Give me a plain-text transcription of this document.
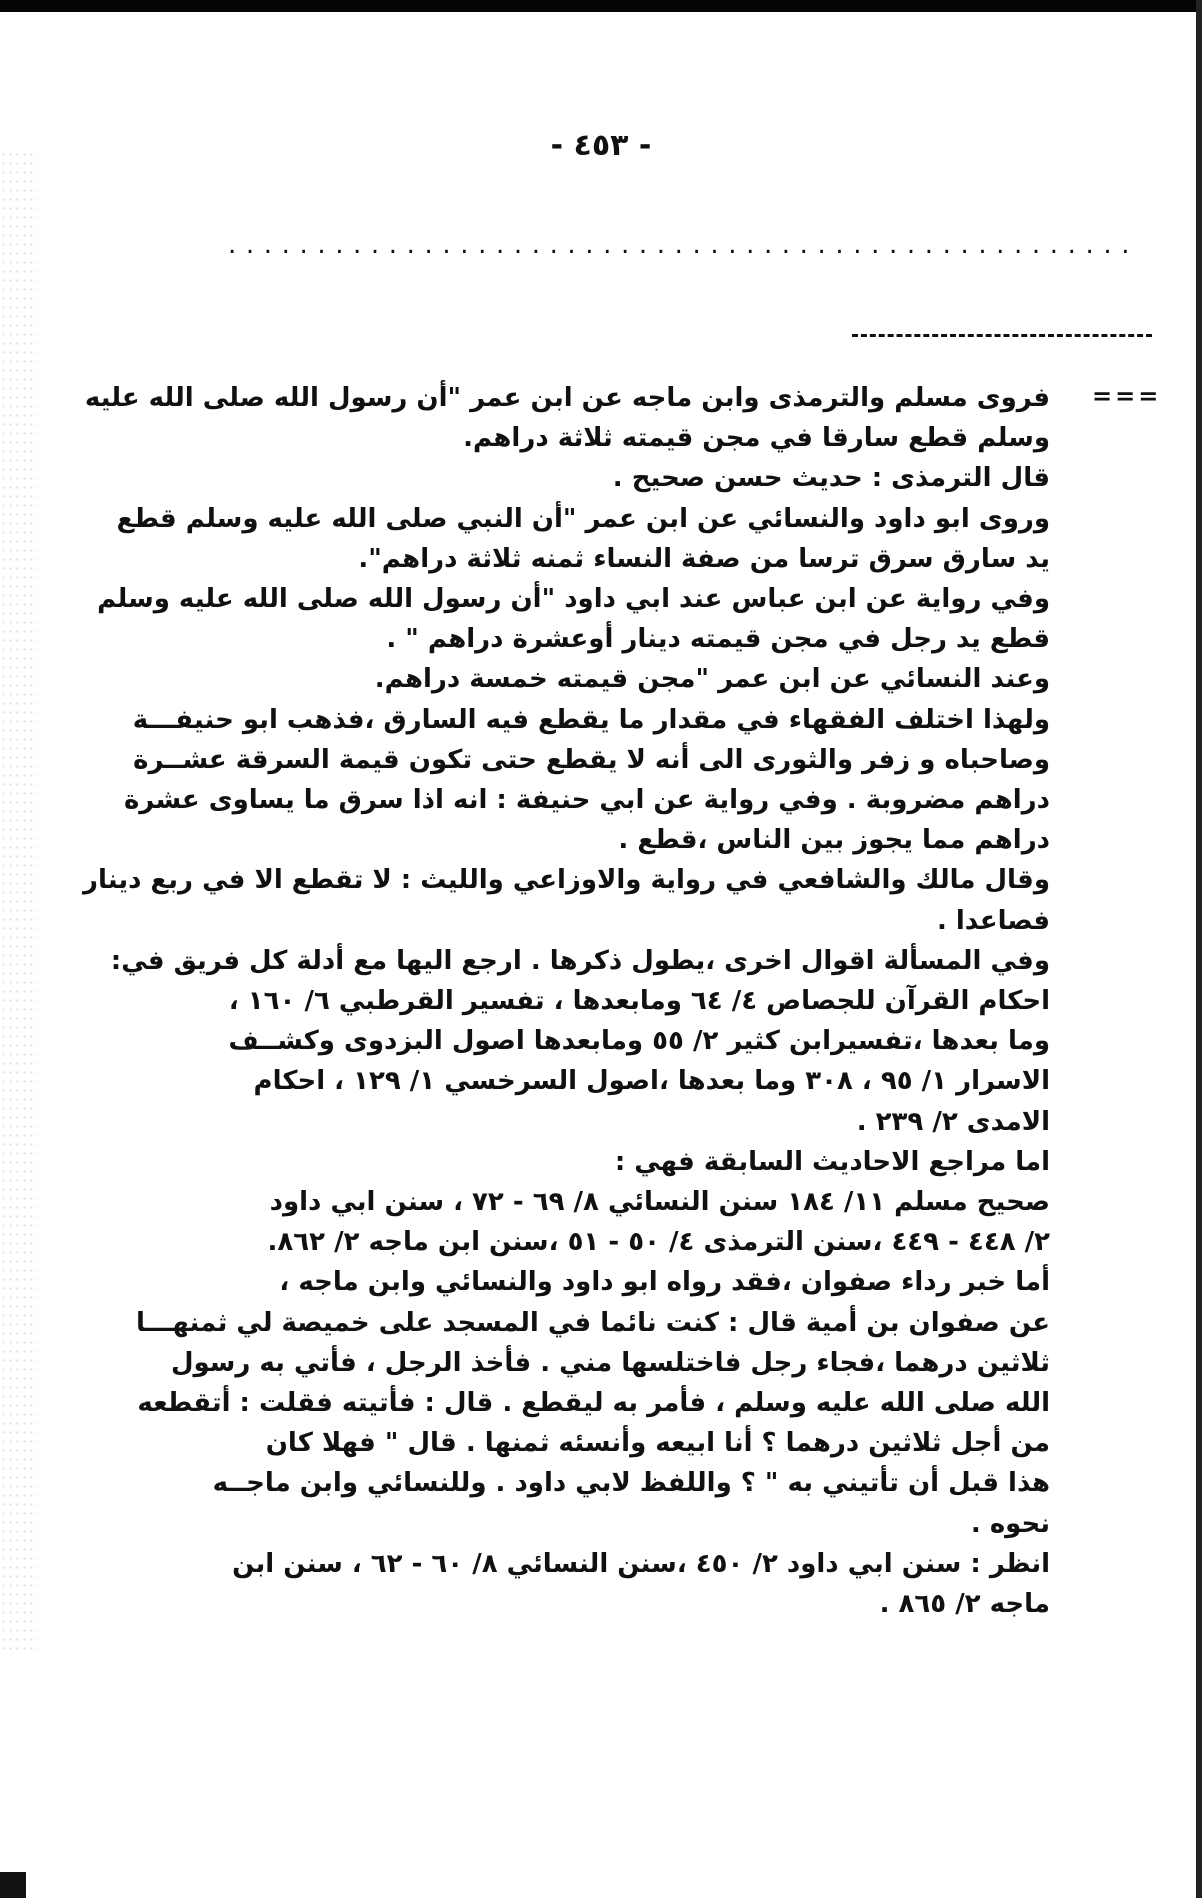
- ٤٥٣ -
...................................................
===
فروى مسلم والترمذى وابن ماجه عن ابن عمر "أن رسول الله صلى الله عليه
وسلم قطع سارقا في مجن قيمته ثلاثة دراهم.
قال الترمذى : حديث حسن صحيح .
وروى ابو داود والنسائي عن ابن عمر "أن النبي صلى الله عليه وسلم قطع
يد سارق سرق ترسا من صفة النساء ثمنه ثلاثة دراهم".
وفي رواية عن ابن عباس عند ابي داود "أن رسول الله صلى الله عليه وسلم
قطع يد رجل في مجن قيمته دينار أوعشرة دراهم " .
وعند النسائي عن ابن عمر "مجن قيمته خمسة دراهم.
ولهذا اختلف الفقهاء في مقدار ما يقطع فيه السارق ،فذهب ابو حنيفـــة
وصاحباه و زفر والثورى الى أنه لا يقطع حتى تكون قيمة السرقة عشــرة
دراهم مضروبة . وفي رواية عن ابي حنيفة : انه اذا سرق ما يساوى عشرة
دراهم مما يجوز بين الناس ،قطع .
وقال مالك والشافعي في رواية والاوزاعي والليث : لا تقطع الا في ربع دينار
فصاعدا .
وفي المسألة اقوال اخرى ،يطول ذكرها . ارجع اليها مع أدلة كل فريق في:
احكام القرآن للجصاص ٤/ ٦٤ ومابعدها ، تفسير القرطبي ٦/ ١٦٠ ،
وما بعدها ،تفسيرابن كثير ٢/ ٥٥ ومابعدها اصول البزدوى وكشــف
الاسرار ١/ ٩٥ ، ٣٠٨ وما بعدها ،اصول السرخسي ١/ ١٢٩ ، احكام
الامدى ٢/ ٢٣٩ .
اما مراجع الاحاديث السابقة فهي :
صحيح مسلم ١١/ ١٨٤ سنن النسائي ٨/ ٦٩ - ٧٢ ، سنن ابي داود
٢/ ٤٤٨ - ٤٤٩ ،سنن الترمذى ٤/ ٥٠ - ٥١ ،سنن ابن ماجه ٢/ ٨٦٢.
أما خبر رداء صفوان ،فقد رواه ابو داود والنسائي وابن ماجه ،
عن صفوان بن أمية قال : كنت نائما في المسجد على خميصة لي ثمنهـــا
ثلاثين درهما ،فجاء رجل فاختلسها مني . فأخذ الرجل ، فأتي به رسول
الله صلى الله عليه وسلم ، فأمر به ليقطع . قال : فأتيته فقلت : أتقطعه
من أجل ثلاثين درهما ؟ أنا ابيعه وأنسئه ثمنها . قال " فهلا كان
هذا قبل أن تأتيني به " ؟ واللفظ لابي داود . وللنسائي وابن ماجــه
نحوه .
انظر : سنن ابي داود ٢/ ٤٥٠ ،سنن النسائي ٨/ ٦٠ - ٦٢ ، سنن ابن
ماجه ٢/ ٨٦٥ .
